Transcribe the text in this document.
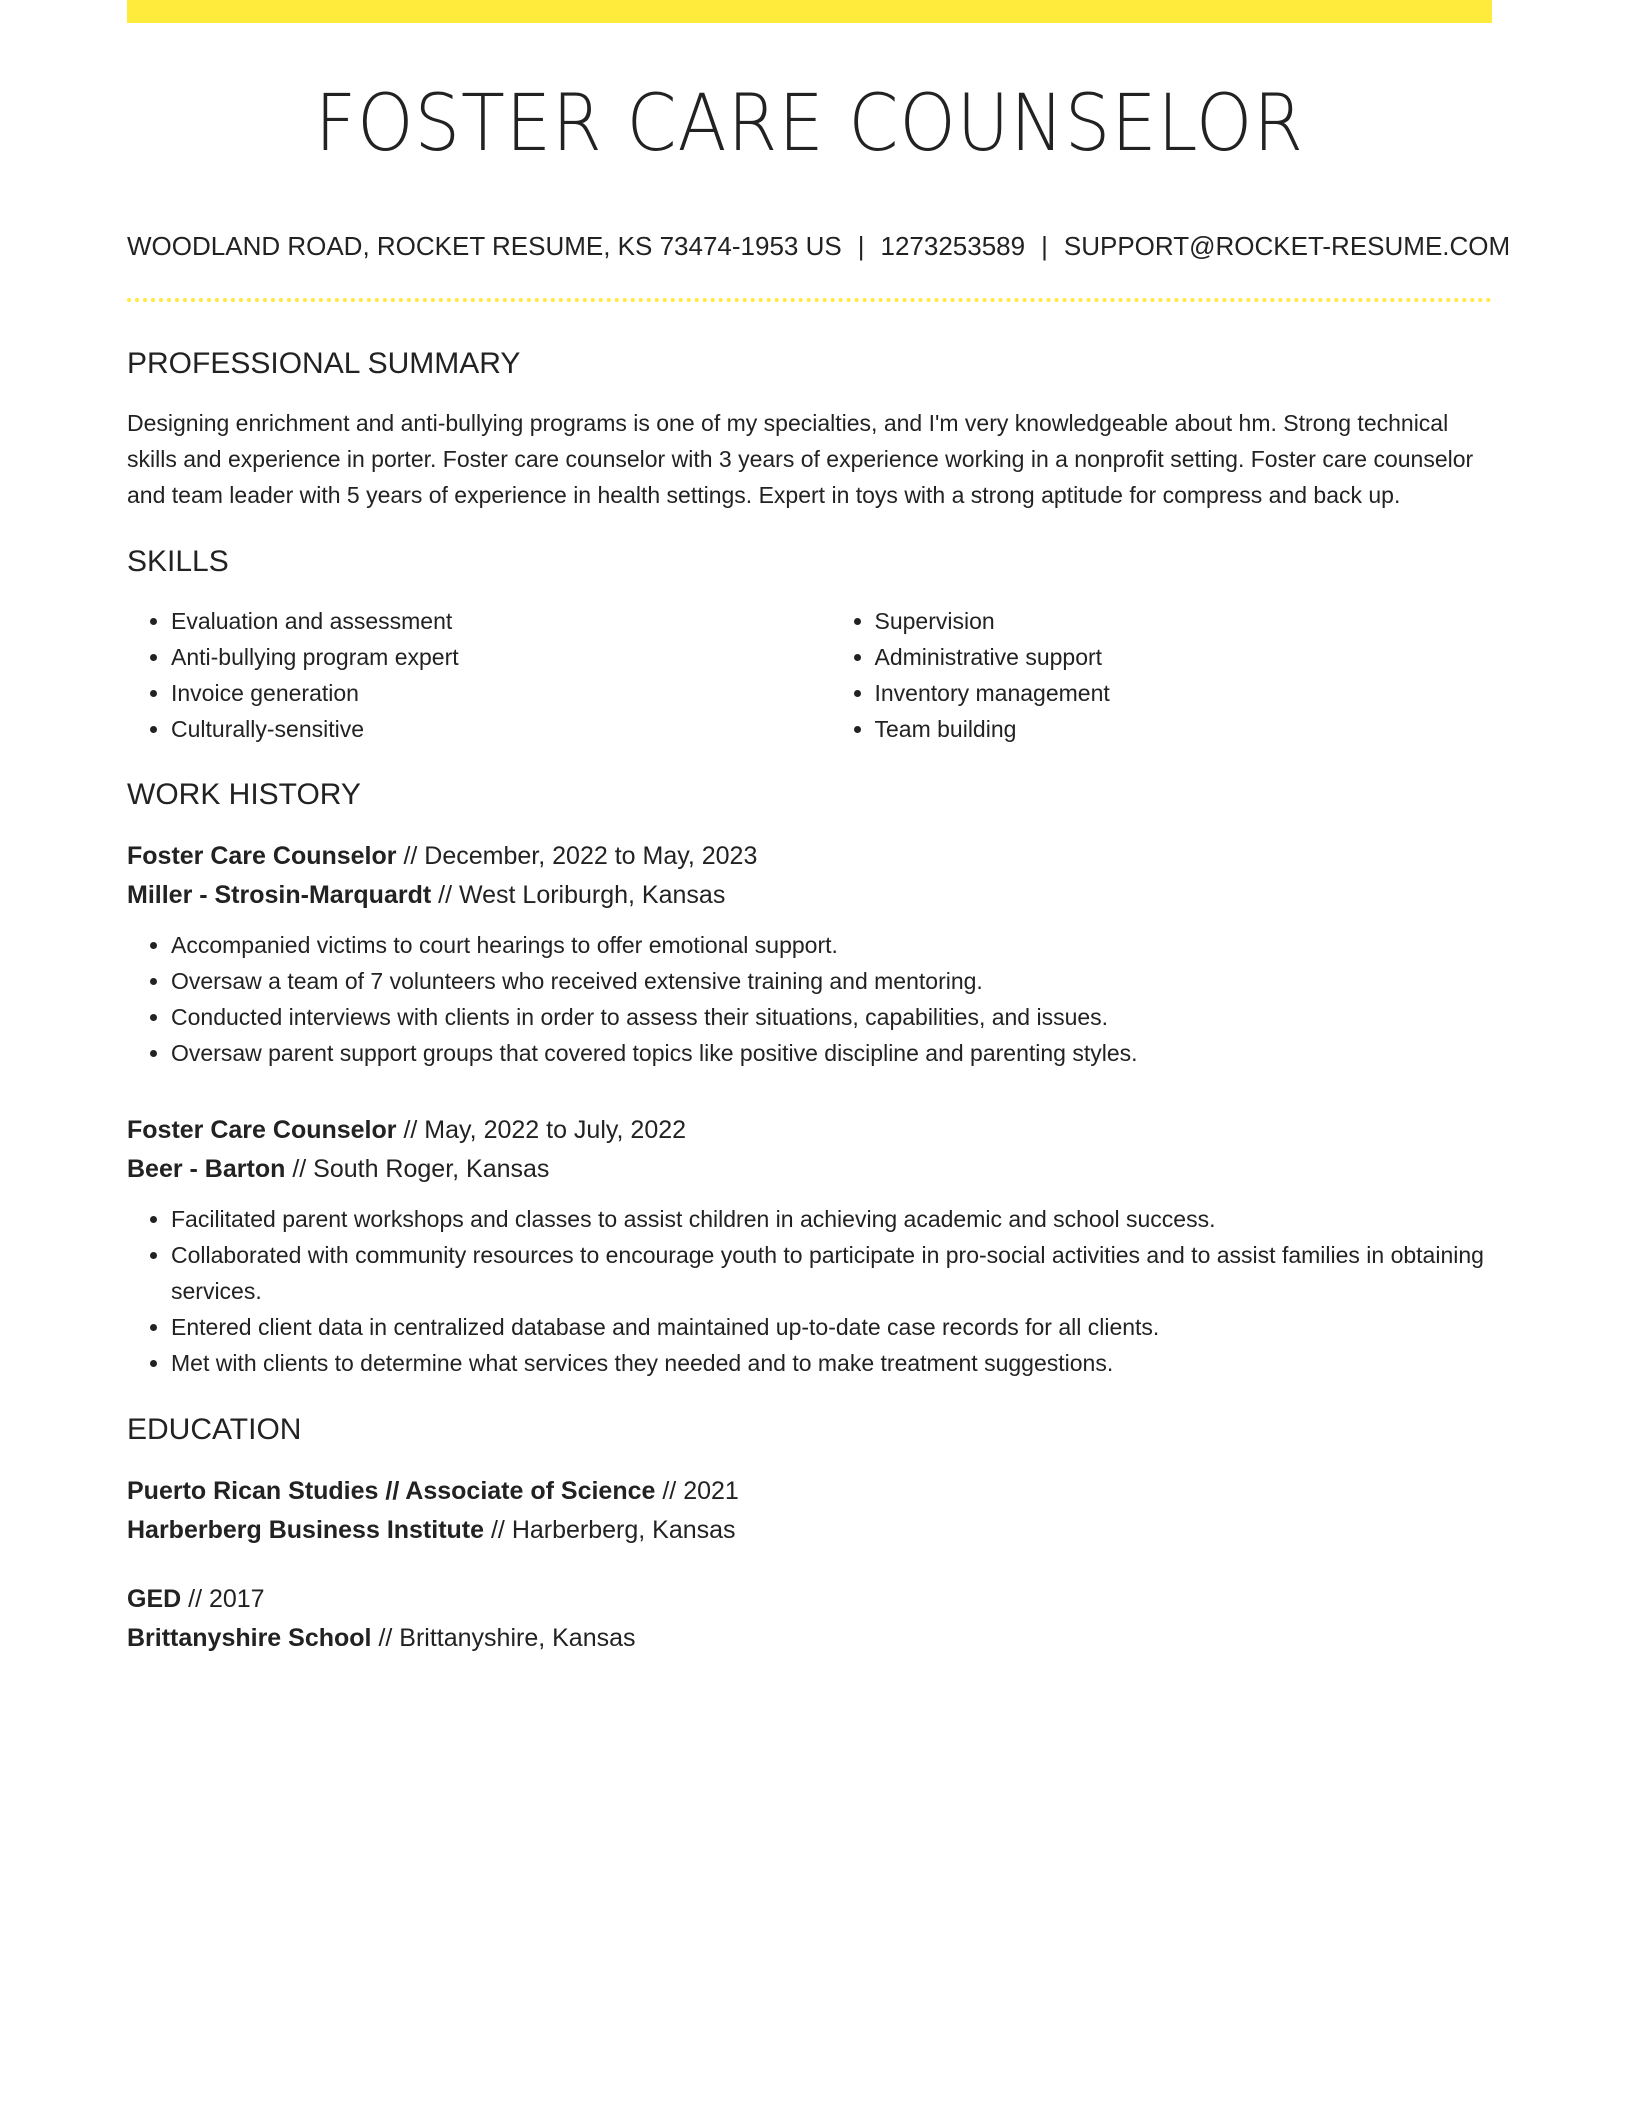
FOSTER CARE COUNSELOR
WOODLAND ROAD, ROCKET RESUME, KS 73474-1953 US | 1273253589 | SUPPORT@ROCKET-RESUME.COM
PROFESSIONAL SUMMARY

Designing enrichment and anti-bullying programs is one of my specialties, and I'm very knowledgeable about hm. Strong technical skills and experience in porter. Foster care counselor with 3 years of experience working in a nonprofit setting. Foster care counselor and team leader with 5 years of experience in health settings. Expert in toys with a strong aptitude for compress and back up.

SKILLS
• Evaluation and assessment
• Anti-bullying program expert
• Invoice generation
• Culturally-sensitive
• Supervision
• Administrative support
• Inventory management
• Team building
WORK HISTORY
Foster Care Counselor // December, 2022 to May, 2023
Miller - Strosin-Marquardt // West Loriburgh, Kansas
• Accompanied victims to court hearings to offer emotional support.
• Oversaw a team of 7 volunteers who received extensive training and mentoring.
• Conducted interviews with clients in order to assess their situations, capabilities, and issues.
• Oversaw parent support groups that covered topics like positive discipline and parenting styles.
Foster Care Counselor // May, 2022 to July, 2022
Beer - Barton // South Roger, Kansas
• Facilitated parent workshops and classes to assist children in achieving academic and school success.
• Collaborated with community resources to encourage youth to participate in pro-social activities and to assist families in obtaining services.
• Entered client data in centralized database and maintained up-to-date case records for all clients.
• Met with clients to determine what services they needed and to make treatment suggestions.
EDUCATION
Puerto Rican Studies // Associate of Science // 2021
Harberberg Business Institute // Harberberg, Kansas
GED // 2017
Brittanyshire School // Brittanyshire, Kansas
